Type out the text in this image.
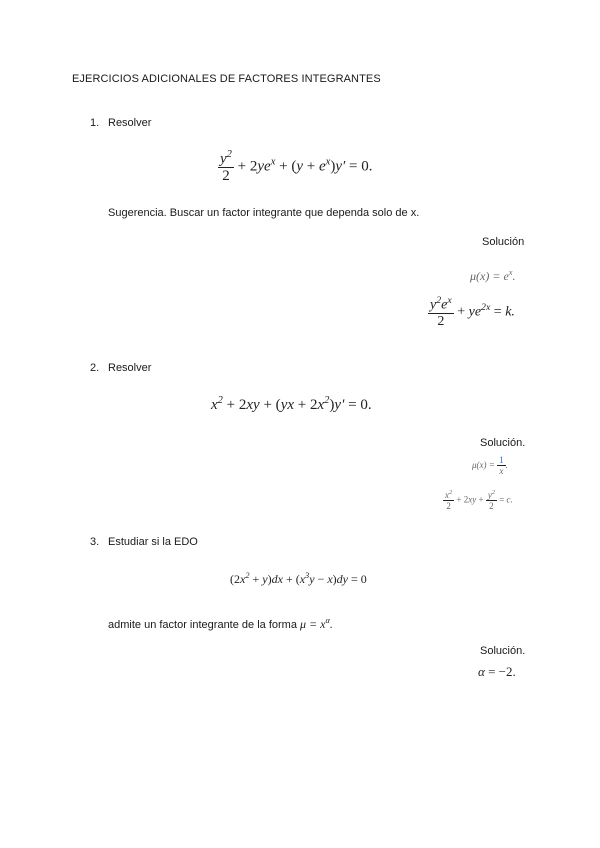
EJERCICIOS ADICIONALES DE FACTORES INTEGRANTES
1. Resolver
$\frac{y^2}{2} + 2ye^x + (y + e^x)y' = 0$.
Sugerencia. Buscar un factor integrante que dependa solo de x.
Solución
$\mu(x) = e^x$.
$\frac{y^2e^x}{2} + ye^{2x} = k$.
2. Resolver
$x^2 + 2xy + (yx + 2x^2)y' = 0$.
Solución.
$\mu(x) = \frac{1}{x}$ .
$\frac{x^2}{2} + 2xy + \frac{y^2}{2} = c$.
3. Estudiar si la EDO
$(2x^2 + y)dx + (x^3y - x)dy = 0$
admite un factor integrante de la forma $\mu = x^\alpha$.
Solución.
α = −2.
